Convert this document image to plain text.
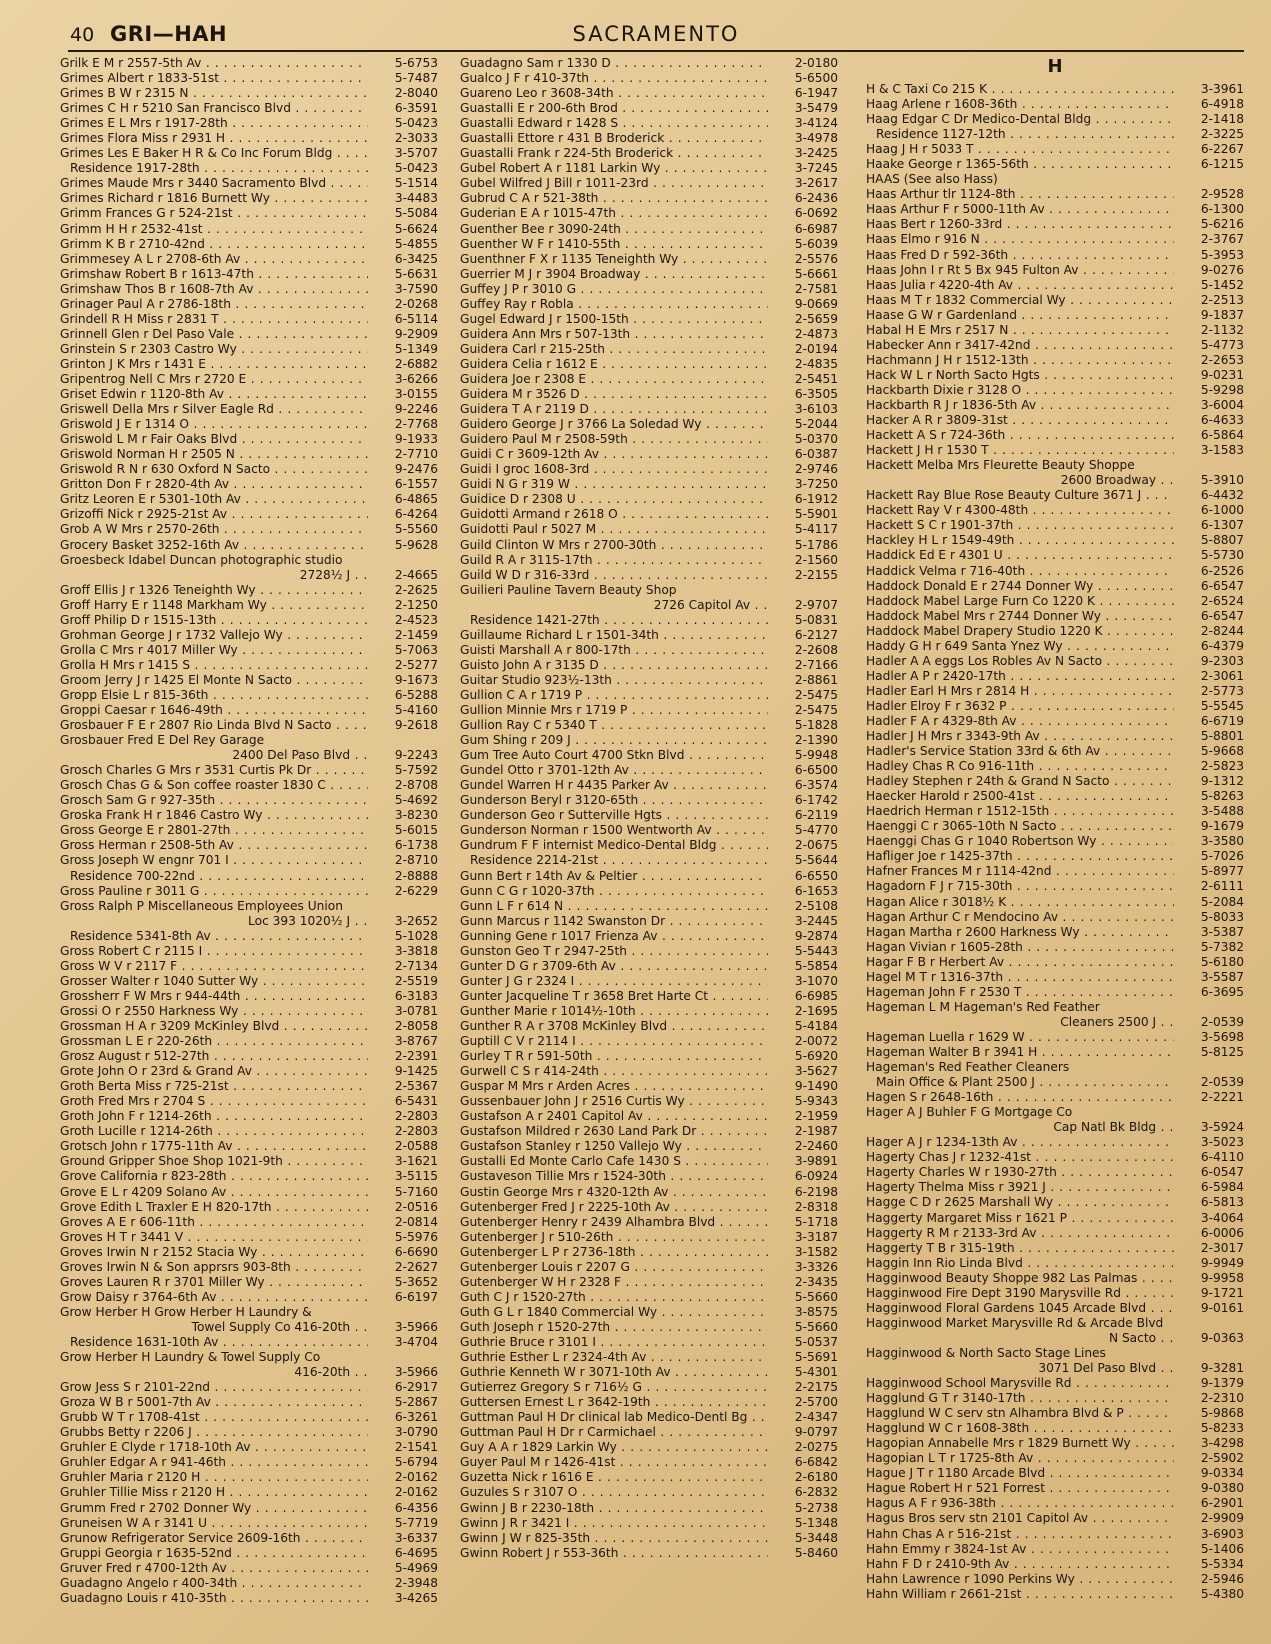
40 GRI—HAH	SACRAMENTO
Grilk E M r 2557-5th Av . . .	5-6753
Grimes Albert r 1833-51st . . .	5-7487
Grimes B W r 2315 N . . .	2-8040
Grimes C H r 5210 San Francisco Blvd . . .	6-3591
Grimes E L Mrs r 1917-28th . . .	5-0423
Grimes Flora Miss r 2931 H . . .	2-3033
Grimes Les E Baker H R & Co Inc Forum Bldg . . .	3-5707
Residence 1917-28th . . .	5-0423
Grimes Maude Mrs r 3440 Sacramento Blvd . . .	5-1514
Grimes Richard r 1816 Burnett Wy . . .	3-4483
Grimm Frances G r 524-21st . . .	5-5084
Grimm H H r 2532-41st . . .	5-6624
Grimm K B r 2710-42nd . . .	5-4855
Grimmesey A L r 2708-6th Av . . .	6-3425
Grimshaw Robert B r 1613-47th . . .	5-6631
Grimshaw Thos B r 1608-7th Av . . .	3-7590
Grinager Paul A r 2786-18th . . .	2-0268
Grindell R H Miss r 2831 T . . .	6-5114
Grinnell Glen r Del Paso Vale . . .	9-2909
Grinstein S r 2303 Castro Wy . . .	5-1349
Grinton J K Mrs r 1431 E . . .	2-6882
Gripentrog Nell C Mrs r 2720 E . . .	3-6266
Griset Edwin r 1120-8th Av . . .	3-0155
Griswell Della Mrs r Silver Eagle Rd . . .	9-2246
Griswold J E r 1314 O . . .	2-7768
Griswold L M r Fair Oaks Blvd . . .	9-1933
Griswold Norman H r 2505 N . . .	2-7710
Griswold R N r 630 Oxford N Sacto . . .	9-2476
Gritton Don F r 2820-4th Av . . .	6-1557
Gritz Leoren E r 5301-10th Av . . .	6-4865
Grizoffi Nick r 2925-21st Av . . .	6-4264
Grob A W Mrs r 2570-26th . . .	5-5560
Grocery Basket 3252-16th Av . . .	5-9628
Groesbeck Idabel Duncan photographic studio
2728½ J . .	2-4665
Groff Ellis J r 1326 Teneighth Wy . . .	2-2625
Groff Harry E r 1148 Markham Wy . . .	2-1250
Groff Philip D r 1515-13th . . .	2-4523
Grohman George J r 1732 Vallejo Wy . . .	2-1459
Grolla C Mrs r 4017 Miller Wy . . .	5-7063
Grolla H Mrs r 1415 S . . .	2-5277
Groom Jerry J r 1425 El Monte N Sacto . . .	9-1673
Gropp Elsie L r 815-36th . . .	6-5288
Groppi Caesar r 1646-49th . . .	5-4160
Grosbauer F E r 2807 Rio Linda Blvd N Sacto . . .	9-2618
Grosbauer Fred E Del Rey Garage
2400 Del Paso Blvd . .	9-2243
Grosch Charles G Mrs r 3531 Curtis Pk Dr . . .	5-7592
Grosch Chas G & Son coffee roaster 1830 C . . .	2-8708
Grosch Sam G r 927-35th . . .	5-4692
Groska Frank H r 1846 Castro Wy . . .	3-8230
Gross George E r 2801-27th . . .	5-6015
Gross Herman r 2508-5th Av . . .	6-1738
Gross Joseph W engnr 701 I . . .	2-8710
Residence 700-22nd . . .	2-8888
Gross Pauline r 3011 G . . .	2-6229
Gross Ralph P Miscellaneous Employees Union
Loc 393 1020½ J . .	3-2652
Residence 5341-8th Av . . .	5-1028
Gross Robert C r 2115 I . . .	3-3818
Gross W V r 2117 F . . .	2-7134
Grosser Walter r 1040 Sutter Wy . . .	2-5519
Grossherr F W Mrs r 944-44th . . .	6-3183
Grossi O r 2550 Harkness Wy . . .	3-0781
Grossman H A r 3209 McKinley Blvd . . .	2-8058
Grossman L E r 220-26th . . .	3-8767
Grosz August r 512-27th . . .	2-2391
Grote John O r 23rd & Grand Av . . .	9-1425
Groth Berta Miss r 725-21st . . .	2-5367
Groth Fred Mrs r 2704 S . . .	6-5431
Groth John F r 1214-26th . . .	2-2803
Groth Lucille r 1214-26th . . .	2-2803
Grotsch John r 1775-11th Av . . .	2-0588
Ground Gripper Shoe Shop 1021-9th . . .	3-1621
Grove California r 823-28th . . .	3-5115
Grove E L r 4209 Solano Av . . .	5-7160
Grove Edith L Traxler E H 820-17th . . .	2-0516
Groves A E r 606-11th . . .	2-0814
Groves H T r 3441 V . . .	5-5976
Groves Irwin N r 2152 Stacia Wy . . .	6-6690
Groves Irwin N & Son apprsrs 903-8th . . .	2-2627
Groves Lauren R r 3701 Miller Wy . . .	5-3652
Grow Daisy r 3764-6th Av . . .	6-6197
Grow Herber H Grow Herber H Laundry &
Towel Supply Co 416-20th . .	3-5966
Residence 1631-10th Av . . .	3-4704
Grow Herber H Laundry & Towel Supply Co
416-20th . .	3-5966
Grow Jess S r 2101-22nd . . .	6-2917
Groza W B r 5001-7th Av . . .	5-2867
Grubb W T r 1708-41st . . .	6-3261
Grubbs Betty r 2206 J . . .	3-0790
Gruhler E Clyde r 1718-10th Av . . .	2-1541
Gruhler Edgar A r 941-46th . . .	5-6794
Gruhler Maria r 2120 H . . .	2-0162
Gruhler Tillie Miss r 2120 H . . .	2-0162
Grumm Fred r 2702 Donner Wy . . .	6-4356
Gruneisen W A r 3141 U . . .	5-7719
Grunow Refrigerator Service 2609-16th . . .	3-6337
Gruppi Georgia r 1635-52nd . . .	6-4695
Gruver Fred r 4700-12th Av . . .	5-4969
Guadagno Angelo r 400-34th . . .	2-3948
Guadagno Louis r 410-35th . . .	3-4265
Guadagno Sam r 1330 D . . .	2-0180
Gualco J F r 410-37th . . .	5-6500
Guareno Leo r 3608-34th . . .	6-1947
Guastalli E r 200-6th Brod . . .	3-5479
Guastalli Edward r 1428 S . . .	3-4124
Guastalli Ettore r 431 B Broderick . . .	3-4978
Guastalli Frank r 224-5th Broderick . . .	3-2425
Gubel Robert A r 1181 Larkin Wy . . .	3-7245
Gubel Wilfred J Bill r 1011-23rd . . .	3-2617
Gubrud C A r 521-38th . . .	6-2436
Guderian E A r 1015-47th . . .	6-0692
Guenther Bee r 3090-24th . . .	6-6987
Guenther W F r 1410-55th . . .	5-6039
Guenthner F X r 1135 Teneighth Wy . . .	2-5576
Guerrier M J r 3904 Broadway . . .	5-6661
Guffey J P r 3010 G . . .	2-7581
Guffey Ray r Robla . . .	9-0669
Gugel Edward J r 1500-15th . . .	2-5659
Guidera Ann Mrs r 507-13th . . .	2-4873
Guidera Carl r 215-25th . . .	2-0194
Guidera Celia r 1612 E . . .	2-4835
Guidera Joe r 2308 E . . .	2-5451
Guidera M r 3526 D . . .	6-3505
Guidera T A r 2119 D . . .	3-6103
Guidero George J r 3766 La Soledad Wy . . .	5-2044
Guidero Paul M r 2508-59th . . .	5-0370
Guidi C r 3609-12th Av . . .	6-0387
Guidi I groc 1608-3rd . . .	2-9746
Guidi N G r 319 W . . .	3-7250
Guidice D r 2308 U . . .	6-1912
Guidotti Armand r 2618 O . . .	5-5901
Guidotti Paul r 5027 M . . .	5-4117
Guild Clinton W Mrs r 2700-30th . . .	5-1786
Guild R A r 3115-17th . . .	2-1560
Guild W D r 316-33rd . . .	2-2155
Guilieri Pauline Tavern Beauty Shop
2726 Capitol Av . .	2-9707
Residence 1421-27th . . .	5-0831
Guillaume Richard L r 1501-34th . . .	6-2127
Guisti Marshall A r 800-17th . . .	2-2608
Guisto John A r 3135 D . . .	2-7166
Guitar Studio 923½-13th . . .	2-8861
Gullion C A r 1719 P . . .	2-5475
Gullion Minnie Mrs r 1719 P . . .	2-5475
Gullion Ray C r 5340 T . . .	5-1828
Gum Shing r 209 J . . .	2-1390
Gum Tree Auto Court 4700 Stkn Blvd . . .	5-9948
Gundel Otto r 3701-12th Av . . .	6-6500
Gundel Warren H r 4435 Parker Av . . .	6-3574
Gunderson Beryl r 3120-65th . . .	6-1742
Gunderson Geo r Sutterville Hgts . . .	6-2119
Gunderson Norman r 1500 Wentworth Av . . .	5-4770
Gundrum F F internist Medico-Dental Bldg . . .	2-0675
Residence 2214-21st . . .	5-5644
Gunn Bert r 14th Av & Peltier . . .	6-6550
Gunn C G r 1020-37th . . .	6-1653
Gunn L F r 614 N . . .	2-5108
Gunn Marcus r 1142 Swanston Dr . . .	3-2445
Gunning Gene r 1017 Frienza Av . . .	9-2874
Gunston Geo T r 2947-25th . . .	5-5443
Gunter D G r 3709-6th Av . . .	5-5854
Gunter J G r 2324 I . . .	3-1070
Gunter Jacqueline T r 3658 Bret Harte Ct . . .	6-6985
Gunther Marie r 1014½-10th . . .	2-1695
Gunther R A r 3708 McKinley Blvd . . .	5-4184
Guptill C V r 2114 I . . .	2-0072
Gurley T R r 591-50th . . .	5-6920
Gurwell C S r 414-24th . . .	3-5627
Guspar M Mrs r Arden Acres . . .	9-1490
Gussenbauer John J r 2516 Curtis Wy . . .	5-9343
Gustafson A r 2401 Capitol Av . . .	2-1959
Gustafson Mildred r 2630 Land Park Dr . . .	2-1987
Gustafson Stanley r 1250 Vallejo Wy . . .	2-2460
Gustalli Ed Monte Carlo Cafe 1430 S . . .	3-9891
Gustaveson Tillie Mrs r 1524-30th . . .	6-0924
Gustin George Mrs r 4320-12th Av . . .	6-2198
Gutenberger Fred J r 2225-10th Av . . .	2-8318
Gutenberger Henry r 2439 Alhambra Blvd . . .	5-1718
Gutenberger J r 510-26th . . .	3-3187
Gutenberger L P r 2736-18th . . .	3-1582
Gutenberger Louis r 2207 G . . .	3-3326
Gutenberger W H r 2328 F . . .	2-3435
Guth C J r 1520-27th . . .	5-5660
Guth G L r 1840 Commercial Wy . . .	3-8575
Guth Joseph r 1520-27th . . .	5-5660
Guthrie Bruce r 3101 I . . .	5-0537
Guthrie Esther L r 2324-4th Av . . .	5-5691
Guthrie Kenneth W r 3071-10th Av . . .	5-4301
Gutierrez Gregory S r 716½ G . . .	2-2175
Guttersen Ernest L r 3642-19th . . .	2-5700
Guttman Paul H Dr clinical lab Medico-Dentl Bg . . .	2-4347
Guttman Paul H Dr r Carmichael . . .	9-0797
Guy A A r 1829 Larkin Wy . . .	2-0275
Guyer Paul M r 1426-41st . . .	6-6842
Guzetta Nick r 1616 E . . .	2-6180
Guzules S r 3107 O . . .	6-2832
Gwinn J B r 2230-18th . . .	5-2738
Gwinn J R r 3421 I . . .	5-1348
Gwinn J W r 825-35th . . .	5-3448
Gwinn Robert J r 553-36th . . .	5-8460
H
H & C Taxi Co 215 K . . .	3-3961
Haag Arlene r 1608-36th . . .	6-4918
Haag Edgar C Dr Medico-Dental Bldg . . .	2-1418
Residence 1127-12th . . .	2-3225
Haag J H r 5033 T . . .	6-2267
Haake George r 1365-56th . . .	6-1215
HAAS (See also Hass)
Haas Arthur tlr 1124-8th . . .	2-9528
Haas Arthur F r 5000-11th Av . . .	6-1300
Haas Bert r 1260-33rd . . .	5-6216
Haas Elmo r 916 N . . .	2-3767
Haas Fred D r 592-36th . . .	5-3953
Haas John I r Rt 5 Bx 945 Fulton Av . . .	9-0276
Haas Julia r 4220-4th Av . . .	5-1452
Haas M T r 1832 Commercial Wy . . .	2-2513
Haase G W r Gardenland . . .	9-1837
Habal H E Mrs r 2517 N . . .	2-1132
Habecker Ann r 3417-42nd . . .	5-4773
Hachmann J H r 1512-13th . . .	2-2653
Hack W L r North Sacto Hgts . . .	9-0231
Hackbarth Dixie r 3128 O . . .	5-9298
Hackbarth R J r 1836-5th Av . . .	3-6004
Hacker A R r 3809-31st . . .	6-4633
Hackett A S r 724-36th . . .	6-5864
Hackett J H r 1530 T . . .	3-1583
Hackett Melba Mrs Fleurette Beauty Shoppe
2600 Broadway . .	5-3910
Hackett Ray Blue Rose Beauty Culture 3671 J . . .	6-4432
Hackett Ray V r 4300-48th . . .	6-1000
Hackett S C r 1901-37th . . .	6-1307
Hackley H L r 1549-49th . . .	5-8807
Haddick Ed E r 4301 U . . .	5-5730
Haddick Velma r 716-40th . . .	6-2526
Haddock Donald E r 2744 Donner Wy . . .	6-6547
Haddock Mabel Large Furn Co 1220 K . . .	2-6524
Haddock Mabel Mrs r 2744 Donner Wy . . .	6-6547
Haddock Mabel Drapery Studio 1220 K . . .	2-8244
Haddy G H r 649 Santa Ynez Wy . . .	6-4379
Hadler A A eggs Los Robles Av N Sacto . . .	9-2303
Hadler A P r 2420-17th . . .	2-3061
Hadler Earl H Mrs r 2814 H . . .	2-5773
Hadler Elroy F r 3632 P . . .	5-5545
Hadler F A r 4329-8th Av . . .	6-6719
Hadler J H Mrs r 3343-9th Av . . .	5-8801
Hadler's Service Station 33rd & 6th Av . . .	5-9668
Hadley Chas R Co 916-11th . . .	2-5823
Hadley Stephen r 24th & Grand N Sacto . . .	9-1312
Haecker Harold r 2500-41st . . .	5-8263
Haedrich Herman r 1512-15th . . .	3-5488
Haenggi C r 3065-10th N Sacto . . .	9-1679
Haenggi Chas G r 1040 Robertson Wy . . .	3-3580
Hafliger Joe r 1425-37th . . .	5-7026
Hafner Frances M r 1114-42nd . . .	5-8977
Hagadorn F J r 715-30th . . .	2-6111
Hagan Alice r 3018½ K . . .	5-2084
Hagan Arthur C r Mendocino Av . . .	5-8033
Hagan Martha r 2600 Harkness Wy . . .	3-5387
Hagan Vivian r 1605-28th . . .	5-7382
Hagar F B r Herbert Av . . .	5-6180
Hagel M T r 1316-37th . . .	3-5587
Hageman John F r 2530 T . . .	6-3695
Hageman L M Hageman's Red Feather
Cleaners 2500 J . .	2-0539
Hageman Luella r 1629 W . . .	3-5698
Hageman Walter B r 3941 H . . .	5-8125
Hageman's Red Feather Cleaners
Main Office & Plant 2500 J . . .	2-0539
Hagen S r 2648-16th . . .	2-2221
Hager A J Buhler F G Mortgage Co
Cap Natl Bk Bldg . .	3-5924
Hager A J r 1234-13th Av . . .	3-5023
Hagerty Chas J r 1232-41st . . .	6-4110
Hagerty Charles W r 1930-27th . . .	6-0547
Hagerty Thelma Miss r 3921 J . . .	6-5984
Hagge C D r 2625 Marshall Wy . . .	6-5813
Haggerty Margaret Miss r 1621 P . . .	3-4064
Haggerty R M r 2133-3rd Av . . .	6-0006
Haggerty T B r 315-19th . . .	2-3017
Haggin Inn Rio Linda Blvd . . .	9-9949
Hagginwood Beauty Shoppe 982 Las Palmas . . .	9-9958
Hagginwood Fire Dept 3190 Marysville Rd . . .	9-1721
Hagginwood Floral Gardens 1045 Arcade Blvd . . .	9-0161
Hagginwood Market Marysville Rd & Arcade Blvd
N Sacto . .	9-0363
Hagginwood & North Sacto Stage Lines
3071 Del Paso Blvd . .	9-3281
Hagginwood School Marysville Rd . . .	9-1379
Hagglund G T r 3140-17th . . .	2-2310
Hagglund W C serv stn Alhambra Blvd & P . . .	5-9868
Hagglund W C r 1608-38th . . .	5-8233
Hagopian Annabelle Mrs r 1829 Burnett Wy . . .	3-4298
Hagopian L T r 1725-8th Av . . .	2-5902
Hague J T r 1180 Arcade Blvd . . .	9-0334
Hague Robert H r 521 Forrest . . .	9-0380
Hagus A F r 936-38th . . .	6-2901
Hagus Bros serv stn 2101 Capitol Av . . .	2-9909
Hahn Chas A r 516-21st . . .	3-6903
Hahn Emmy r 3824-1st Av . . .	5-1406
Hahn F D r 2410-9th Av . . .	5-5334
Hahn Lawrence r 1090 Perkins Wy . . .	2-5946
Hahn William r 2661-21st . . .	5-4380
